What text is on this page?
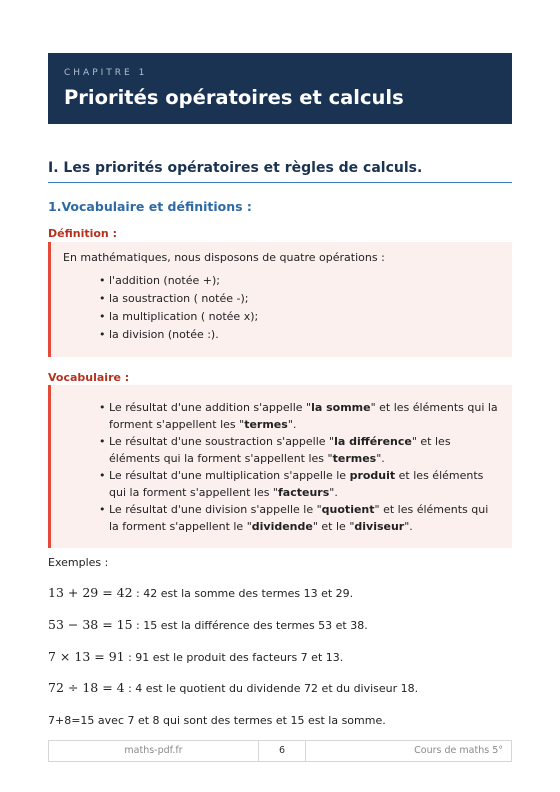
CHAPITRE 1
Priorités opératoires et calculs
I. Les priorités opératoires et règles de calculs.
1.Vocabulaire et définitions :
Définition :
En mathématiques, nous disposons de quatre opérations :
• l'addition (notée +);
• la soustraction ( notée -);
• la multiplication ( notée x);
• la division (notée :).
Vocabulaire :
• Le résultat d'une addition s'appelle "la somme" et les éléments qui la forment s'appellent les "termes".
• Le résultat d'une soustraction s'appelle "la différence" et les éléments qui la forment s'appellent les "termes".
• Le résultat d'une multiplication s'appelle le produit et les éléments qui la forment s'appellent les "facteurs".
• Le résultat d'une division s'appelle le "quotient" et les éléments qui la forment s'appellent le "dividende" et le "diviseur".
Exemples :
13 + 29 = 42 : 42 est la somme des termes 13 et 29.
53 − 38 = 15 : 15 est la différence des termes 53 et 38.
7 × 13 = 91 : 91 est le produit des facteurs 7 et 13.
72 ÷ 18 = 4 : 4 est le quotient du dividende 72 et du diviseur 18.
7+8=15 avec 7 et 8 qui sont des termes et 15 est la somme.
maths-pdf.fr	6	Cours de maths 5°
